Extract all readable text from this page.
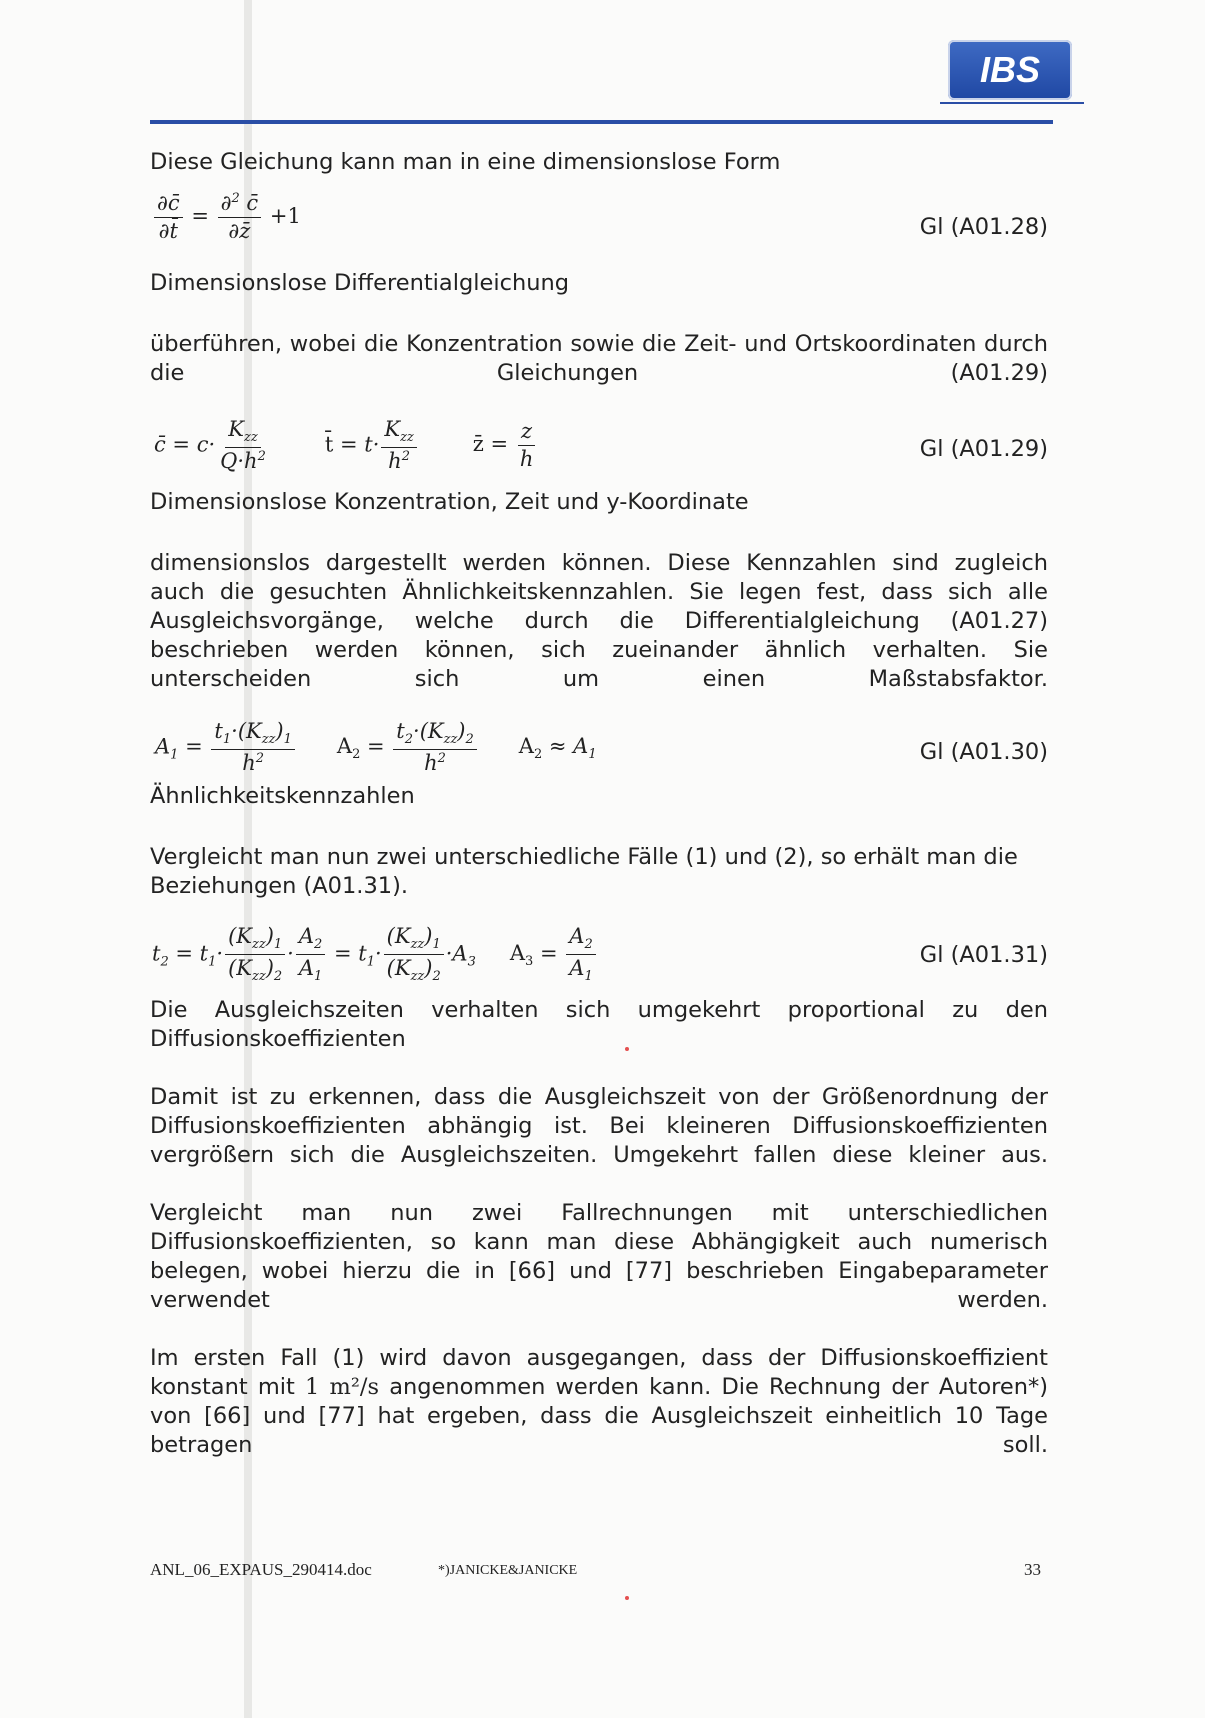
IBS
Diese Gleichung kann man in eine dimensionslose Form
$\frac{\partial c̄}{\partial t̄} = \frac{\partial^2 c̄}{\partial z̄} +1$	Gl (A01.28)
Dimensionslose Differentialgleichung
überführen, wobei die Konzentration sowie die Zeit- und Ortskoordinaten durch die Gleichungen (A01.29)
c̄ = $c\cdot \frac{K_{zz}}{Q\cdot h^2}$	t̄ = $t\cdot \frac{K_{zz}}{h^2}$	z̄ = $\frac{z}{h}$	Gl (A01.29)
Dimensionslose Konzentration, Zeit und y-Koordinate
dimensionslos dargestellt werden können. Diese Kennzahlen sind zugleich auch die gesuchten Ähnlichkeitskennzahlen. Sie legen fest, dass sich alle Ausgleichsvorgänge, welche durch die Differentialgleichung (A01.27) beschrieben werden können, sich zueinander ähnlich verhalten. Sie unterscheiden sich um einen Maßstabsfaktor.
$A_1 = \frac{t_1\cdot(K_{zz})_1}{h^2} A_2 = \frac{t_2\cdot(K_{zz})_2}{h^2} A_2 \approx A_1$	Gl (A01.30)
Ähnlichkeitskennzahlen
Vergleicht man nun zwei unterschiedliche Fälle (1) und (2), so erhält man die Beziehungen (A01.31).
$t_2 = t_1\cdot \frac{(K_{zz})_1}{(K_{zz})_2} \cdot \frac{A_2}{A_1} = t_1\cdot \frac{(K_{zz})_1}{(K_{zz})_2} \cdot A_3$ $A_3 = \frac{A_2}{A_1}$	Gl (A01.31)
Die Ausgleichszeiten verhalten sich umgekehrt proportional zu den Diffusionskoeffizienten
Damit ist zu erkennen, dass die Ausgleichszeit von der Größenordnung der Diffusionskoeffizienten abhängig ist. Bei kleineren Diffusionskoeffizienten vergrößern sich die Ausgleichszeiten. Umgekehrt fallen diese kleiner aus.
Vergleicht man nun zwei Fallrechnungen mit unterschiedlichen Diffusionskoeffizienten, so kann man diese Abhängigkeit auch numerisch belegen, wobei hierzu die in [66] und [77] beschrieben Eingabeparameter verwendet werden.
Im ersten Fall (1) wird davon ausgegangen, dass der Diffusionskoeffizient konstant mit 1 m²/s angenommen werden kann. Die Rechnung der Autoren*) von [66] und [77] hat ergeben, dass die Ausgleichszeit einheitlich 10 Tage betragen soll.
ANL_06_EXPAUS_290414.doc	*)JANICKE&JANICKE	33
